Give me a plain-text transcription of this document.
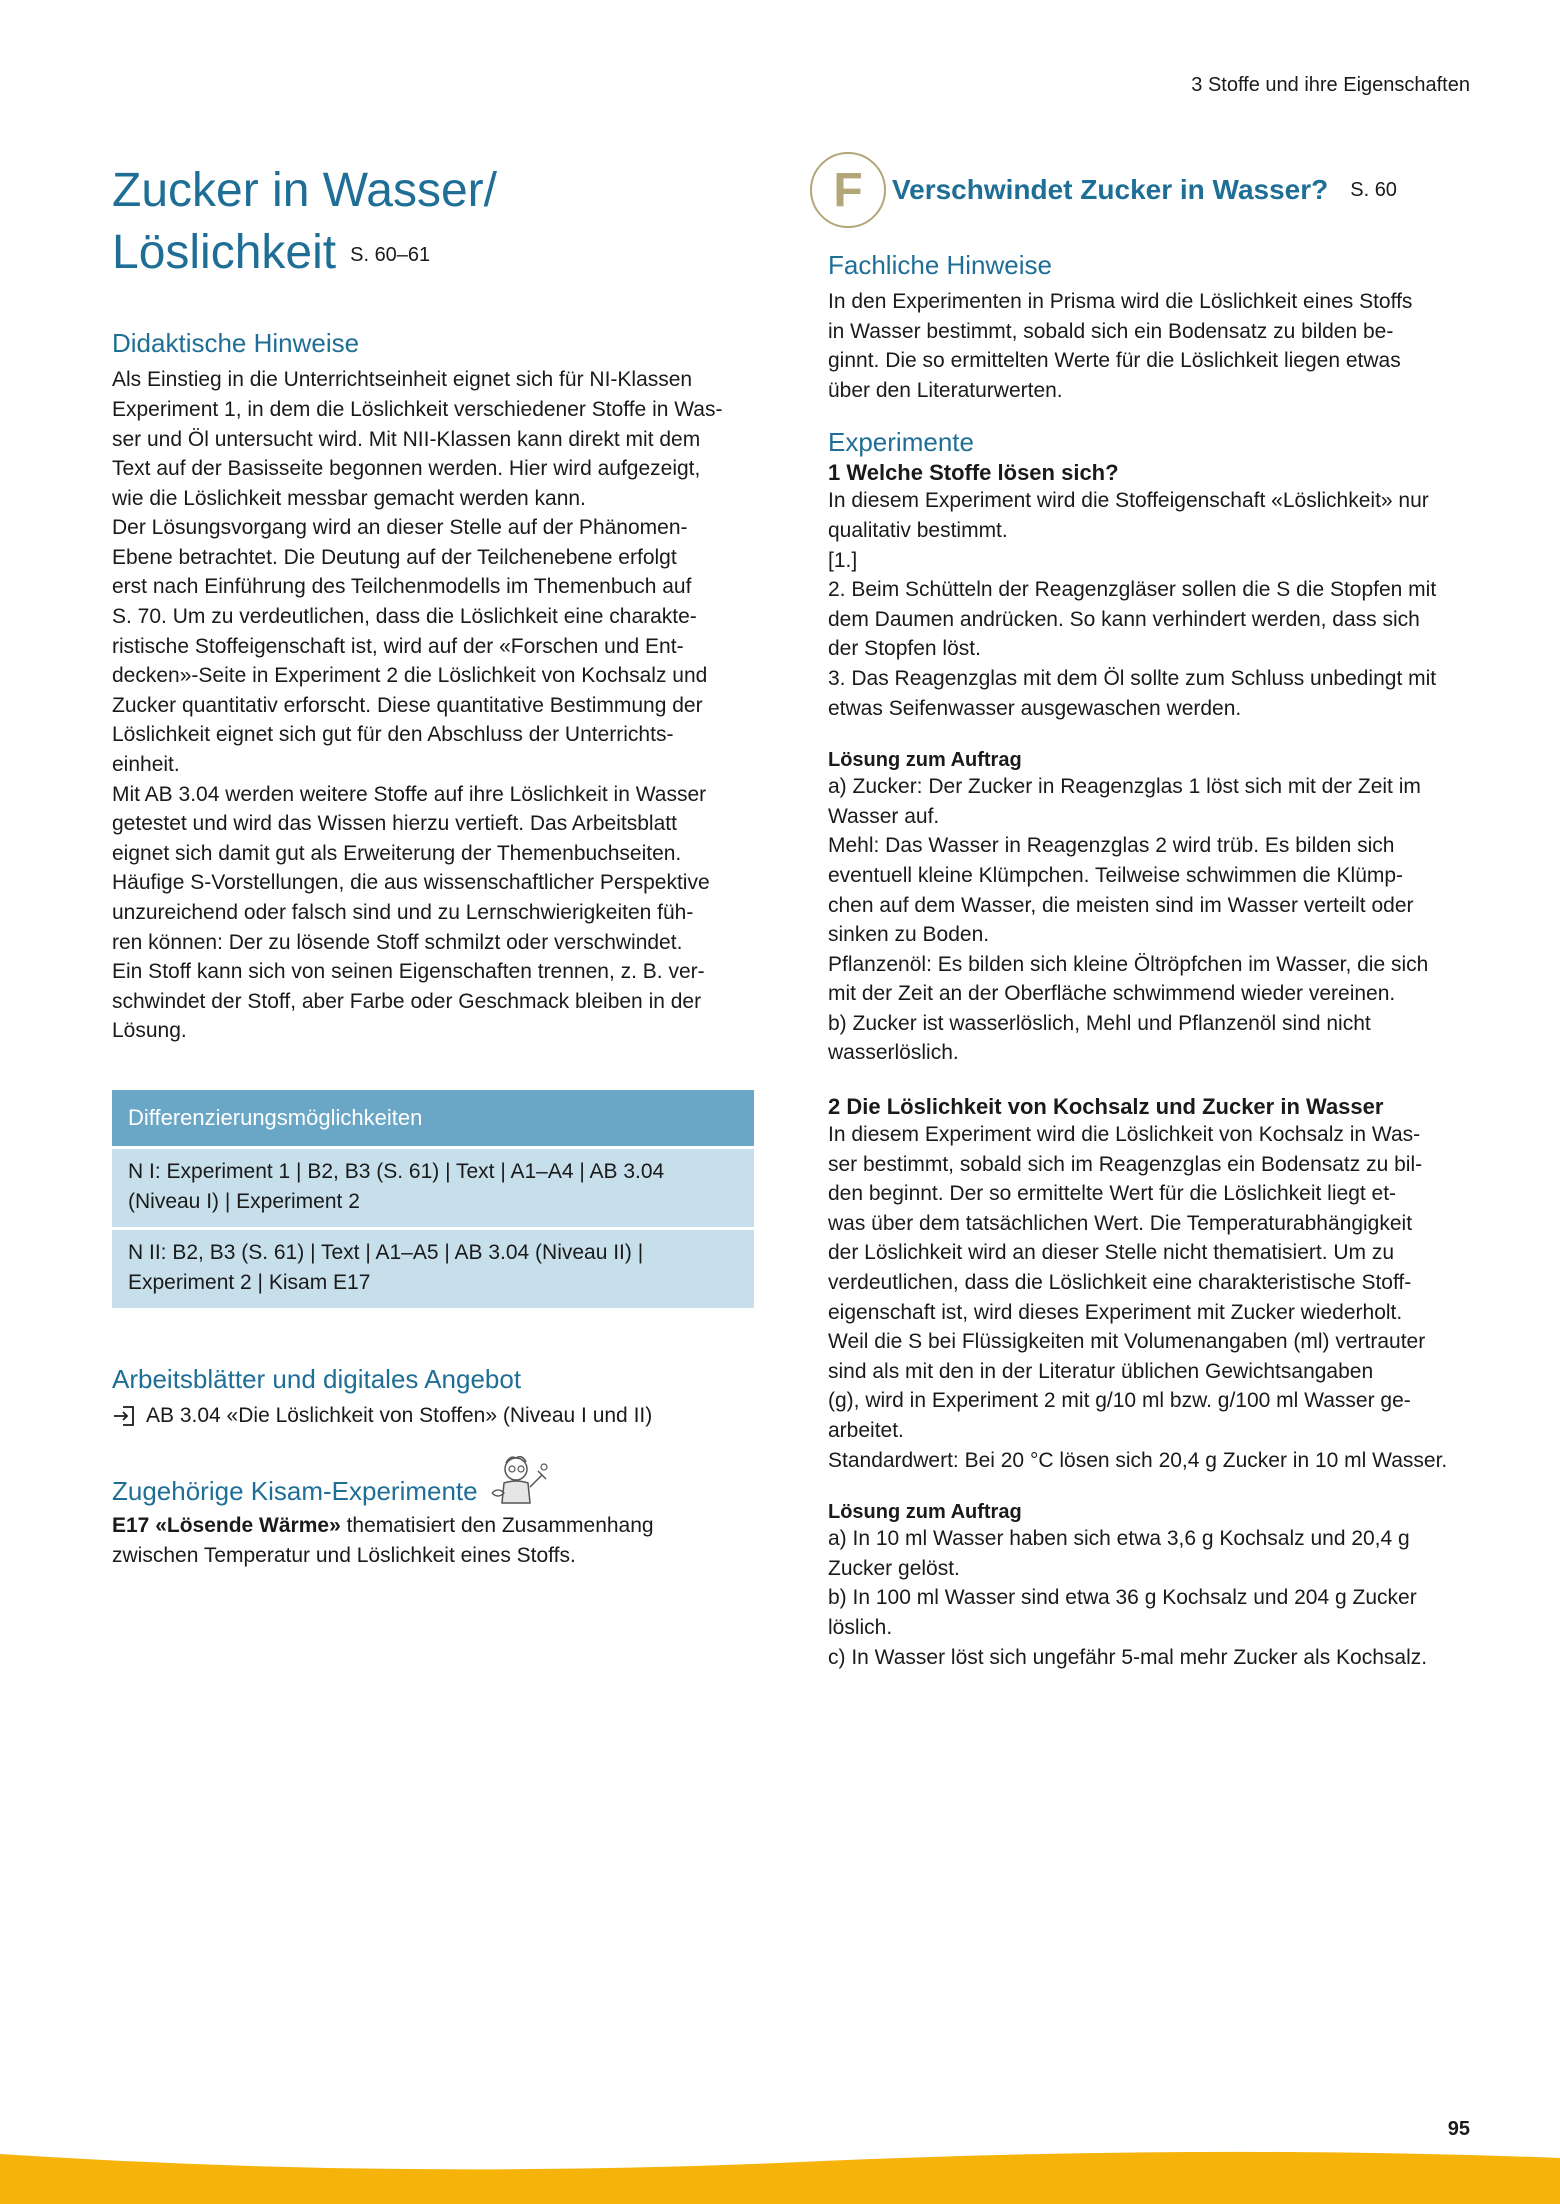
3 Stoffe und ihre Eigenschaften
Zucker in Wasser/
Löslichkeit S. 60–61
Didaktische Hinweise

Als Einstieg in die Unterrichtseinheit eignet sich für NI-Klassen

Experiment 1, in dem die Löslichkeit verschiedener Stoffe in Was-

ser und Öl untersucht wird. Mit NII-Klassen kann direkt mit dem

Text auf der Basisseite begonnen werden. Hier wird aufgezeigt,

wie die Löslichkeit messbar gemacht werden kann.

Der Lösungsvorgang wird an dieser Stelle auf der Phänomen-

Ebene betrachtet. Die Deutung auf der Teilchenebene erfolgt

erst nach Einführung des Teilchenmodells im Themenbuch auf

S. 70. Um zu verdeutlichen, dass die Löslichkeit eine charakte-

ristische Stoffeigenschaft ist, wird auf der «Forschen und Ent-

decken»-Seite in Experiment 2 die Löslichkeit von Kochsalz und

Zucker quantitativ erforscht. Diese quantitative Bestimmung der

Löslichkeit eignet sich gut für den Abschluss der Unterrichts-

einheit.

Mit AB 3.04 werden weitere Stoffe auf ihre Löslichkeit in Wasser

getestet und wird das Wissen hierzu vertieft. Das Arbeitsblatt

eignet sich damit gut als Erweiterung der Themenbuchseiten.

Häufige S-Vorstellungen, die aus wissenschaftlicher Perspektive

unzureichend oder falsch sind und zu Lernschwierigkeiten füh-

ren können: Der zu lösende Stoff schmilzt oder verschwindet.

Ein Stoff kann sich von seinen Eigenschaften trennen, z. B. ver-

schwindet der Stoff, aber Farbe oder Geschmack bleiben in der

Lösung.

Differenzierungsmöglichkeiten
N I: Experiment 1 | B2, B3 (S. 61) | Text | A1–A4 | AB 3.04
(Niveau I) | Experiment 2
N II: B2, B3 (S. 61) | Text | A1–A5 | AB 3.04 (Niveau II) |
Experiment 2 | Kisam E17
Arbeitsblätter und digitales Angebot
AB 3.04 «Die Löslichkeit von Stoffen» (Niveau I und II)
Zugehörige Kisam-Experimente

E17 «Lösende Wärme» thematisiert den Zusammenhang

zwischen Temperatur und Löslichkeit eines Stoffs.

F	Verschwindet Zucker in Wasser? S. 60
Fachliche Hinweise

In den Experimenten in Prisma wird die Löslichkeit eines Stoffs

in Wasser bestimmt, sobald sich ein Bodensatz zu bilden be-

ginnt. Die so ermittelten Werte für die Löslichkeit liegen etwas

über den Literaturwerten.

Experimente
1 Welche Stoffe lösen sich?

In diesem Experiment wird die Stoffeigenschaft «Löslichkeit» nur

qualitativ bestimmt.

[1.]

2. Beim Schütteln der Reagenzgläser sollen die S die Stopfen mit

dem Daumen andrücken. So kann verhindert werden, dass sich

der Stopfen löst.

3. Das Reagenzglas mit dem Öl sollte zum Schluss unbedingt mit

etwas Seifenwasser ausgewaschen werden.

Lösung zum Auftrag

a) Zucker: Der Zucker in Reagenzglas 1 löst sich mit der Zeit im

Wasser auf.

Mehl: Das Wasser in Reagenzglas 2 wird trüb. Es bilden sich

eventuell kleine Klümpchen. Teilweise schwimmen die Klümp-

chen auf dem Wasser, die meisten sind im Wasser verteilt oder

sinken zu Boden.

Pflanzenöl: Es bilden sich kleine Öltröpfchen im Wasser, die sich

mit der Zeit an der Oberfläche schwimmend wieder vereinen.

b) Zucker ist wasserlöslich, Mehl und Pflanzenöl sind nicht

wasserlöslich.

2 Die Löslichkeit von Kochsalz und Zucker in Wasser

In diesem Experiment wird die Löslichkeit von Kochsalz in Was-

ser bestimmt, sobald sich im Reagenzglas ein Bodensatz zu bil-

den beginnt. Der so ermittelte Wert für die Löslichkeit liegt et-

was über dem tatsächlichen Wert. Die Temperaturabhängigkeit

der Löslichkeit wird an dieser Stelle nicht thematisiert. Um zu

verdeutlichen, dass die Löslichkeit eine charakteristische Stoff-

eigenschaft ist, wird dieses Experiment mit Zucker wiederholt.

Weil die S bei Flüssigkeiten mit Volumenangaben (ml) vertrauter

sind als mit den in der Literatur üblichen Gewichtsangaben

(g), wird in Experiment 2 mit g/10 ml bzw. g/100 ml Wasser ge-

arbeitet.

Standardwert: Bei 20 °C lösen sich 20,4 g Zucker in 10 ml Wasser.

Lösung zum Auftrag

a) In 10 ml Wasser haben sich etwa 3,6 g Kochsalz und 20,4 g

Zucker gelöst.

b) In 100 ml Wasser sind etwa 36 g Kochsalz und 204 g Zucker

löslich.

c) In Wasser löst sich ungefähr 5-mal mehr Zucker als Kochsalz.

95
